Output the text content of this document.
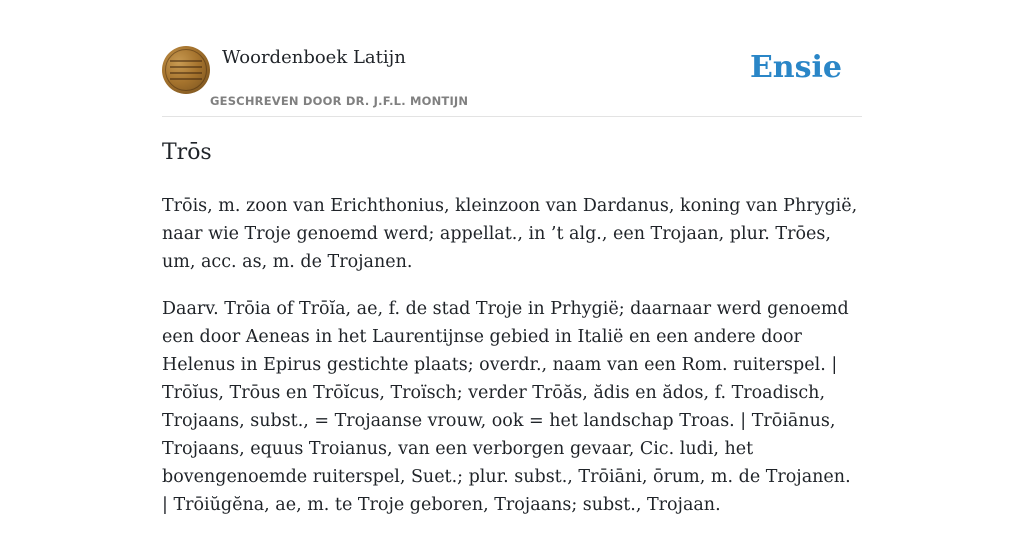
Woordenboek Latijn
GESCHREVEN DOOR DR. J.F.L. MONTIJN
Ensie
Trōs

Trōis, m. zoon van Erichthonius, kleinzoon van Dardanus, koning van Phrygië, naar wie Troje genoemd werd; appellat., in ’t alg., een Trojaan, plur. Trōes, um, acc. as, m. de Trojanen.

Daarv. Trōia of Trōĭa, ae, f. de stad Troje in Prhygië; daarnaar werd genoemd een door Aeneas in het Laurentijnse gebied in Italië en een andere door Helenus in Epirus gestichte plaats; overdr., naam van een Rom. ruiterspel. | Trōĭus, Trōus en Trōĭcus, Troïsch; verder Trōăs, ădis en ădos, f. Troadisch, Trojaans, subst., = Trojaanse vrouw, ook = het landschap Troas. | Trōiānus, Trojaans, equus Troianus, van een verborgen gevaar, Cic. ludi, het bovengenoemde ruiterspel, Suet.; plur. subst., Trōiāni, ōrum, m. de Trojanen. | Trōiŭgĕna, ae, m. te Troje geboren, Trojaans; subst., Trojaan.
